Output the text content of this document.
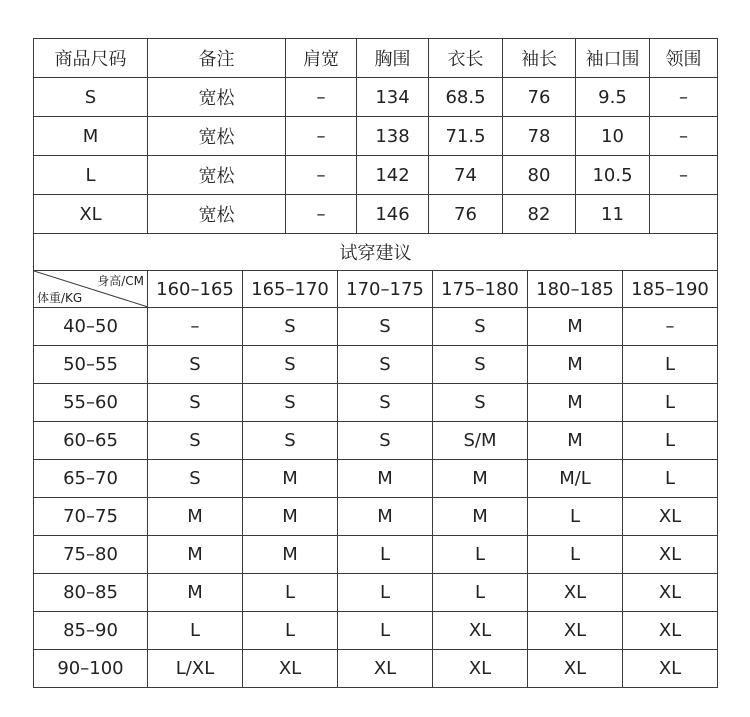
商品尺码	备注	肩宽	胸围	衣长	袖长	袖口围	领围
S	宽松	–	134	68.5	76	9.5	–
M	宽松	–	138	71.5	78	10	–
L	宽松	–	142	74	80	10.5	–
XL	宽松	–	146	76	82	11	
试穿建议						

身高/CM
体重/KG	160–165	165–170	170–175	175–180	180–185	185–190
40–50	–	S	S	S	M	–
50–55	S	S	S	S	M	L
55–60	S	S	S	S	M	L
60–65	S	S	S	S/M	M	L
65–70	S	M	M	M	M/L	L
70–75	M	M	M	M	L	XL
75–80	M	M	L	L	L	XL
80–85	M	L	L	L	XL	XL
85–90	L	L	L	XL	XL	XL
90–100	L/XL	XL	XL	XL	XL	XL
